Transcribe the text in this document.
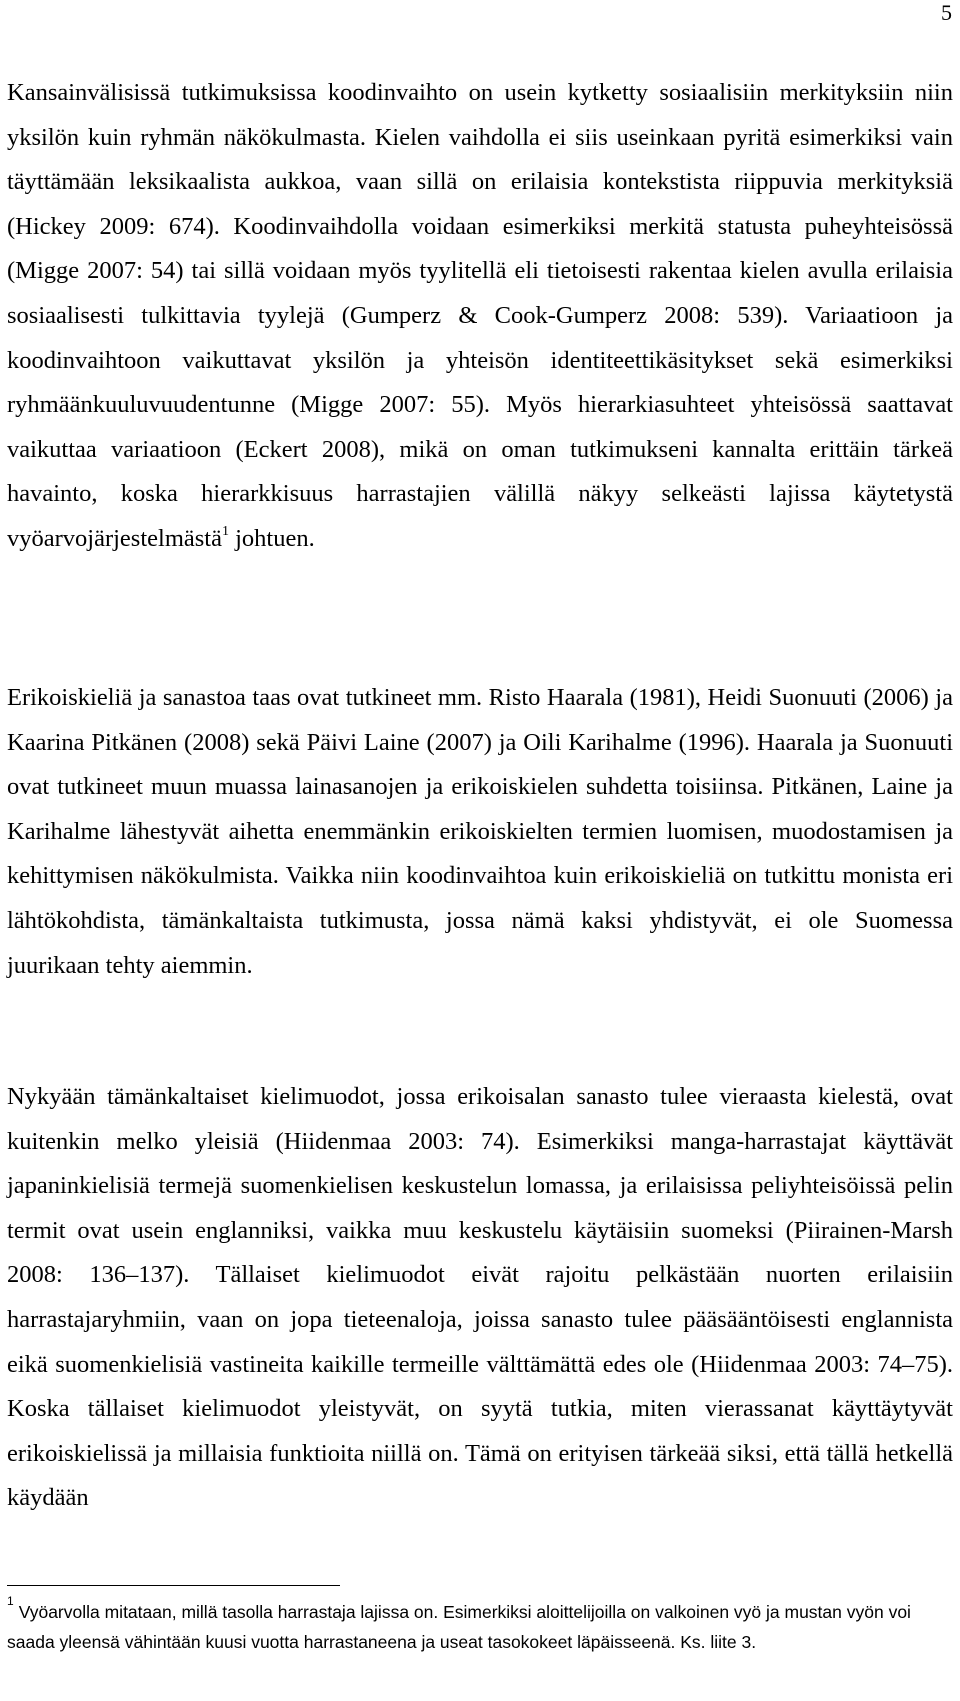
5

Kansainvälisissä tutkimuksissa koodinvaihto on usein kytketty sosiaalisiin merkityksiin niin yksilön kuin ryhmän näkökulmasta. Kielen vaihdolla ei siis useinkaan pyritä esimerkiksi vain täyttämään leksikaalista aukkoa, vaan sillä on erilaisia kontekstista riippuvia merkityksiä (Hickey 2009: 674). Koodinvaihdolla voidaan esimerkiksi merkitä statusta puheyhteisössä (Migge 2007: 54) tai sillä voidaan myös tyylitellä eli tietoisesti rakentaa kielen avulla erilaisia sosiaalisesti tulkittavia tyylejä (Gumperz & Cook-Gumperz 2008: 539). Variaatioon ja koodinvaihtoon vaikuttavat yksilön ja yhteisön identiteettikäsitykset sekä esimerkiksi ryhmäänkuuluvuudentunne (Migge 2007: 55). Myös hierarkiasuhteet yhteisössä saattavat vaikuttaa variaatioon (Eckert 2008), mikä on oman tutkimukseni kannalta erittäin tärkeä havainto, koska hierarkkisuus harrastajien välillä näkyy selkeästi lajissa käytetystä vyöarvojärjestelmästä$^1$ johtuen.

Erikoiskieliä ja sanastoa taas ovat tutkineet mm. Risto Haarala (1981), Heidi Suonuuti (2006) ja Kaarina Pitkänen (2008) sekä Päivi Laine (2007) ja Oili Karihalme (1996). Haarala ja Suonuuti ovat tutkineet muun muassa lainasanojen ja erikoiskielen suhdetta toisiinsa. Pitkänen, Laine ja Karihalme lähestyvät aihetta enemmänkin erikoiskielten termien luomisen, muodostamisen ja kehittymisen näkökulmista. Vaikka niin koodinvaihtoa kuin erikoiskieliä on tutkittu monista eri lähtökohdista, tämänkaltaista tutkimusta, jossa nämä kaksi yhdistyvät, ei ole Suomessa juurikaan tehty aiemmin.

Nykyään tämänkaltaiset kielimuodot, jossa erikoisalan sanasto tulee vieraasta kielestä, ovat kuitenkin melko yleisiä (Hiidenmaa 2003: 74). Esimerkiksi manga-harrastajat käyttävät japaninkielisiä termejä suomenkielisen keskustelun lomassa, ja erilaisissa peliyhteisöissä pelin termit ovat usein englanniksi, vaikka muu keskustelu käytäisiin suomeksi (Piirainen-Marsh 2008: 136–137). Tällaiset kielimuodot eivät rajoitu pelkästään nuorten erilaisiin harrastajaryhmiin, vaan on jopa tieteenaloja, joissa sanasto tulee pääsääntöisesti englannista eikä suomenkielisiä vastineita kaikille termeille välttämättä edes ole (Hiidenmaa 2003: 74–75). Koska tällaiset kielimuodot yleistyvät, on syytä tutkia, miten vierassanat käyttäytyvät erikoiskielissä ja millaisia funktioita niillä on. Tämä on erityisen tärkeää siksi, että tällä hetkellä käydään

$^1$Vyöarvolla mitataan, millä tasolla harrastaja lajissa on. Esimerkiksi aloittelijoilla on valkoinen vyö ja mustan vyön voi saada yleensä vähintään kuusi vuotta harrastaneena ja useat tasokokeet läpäisseenä. Ks. liite 3.
